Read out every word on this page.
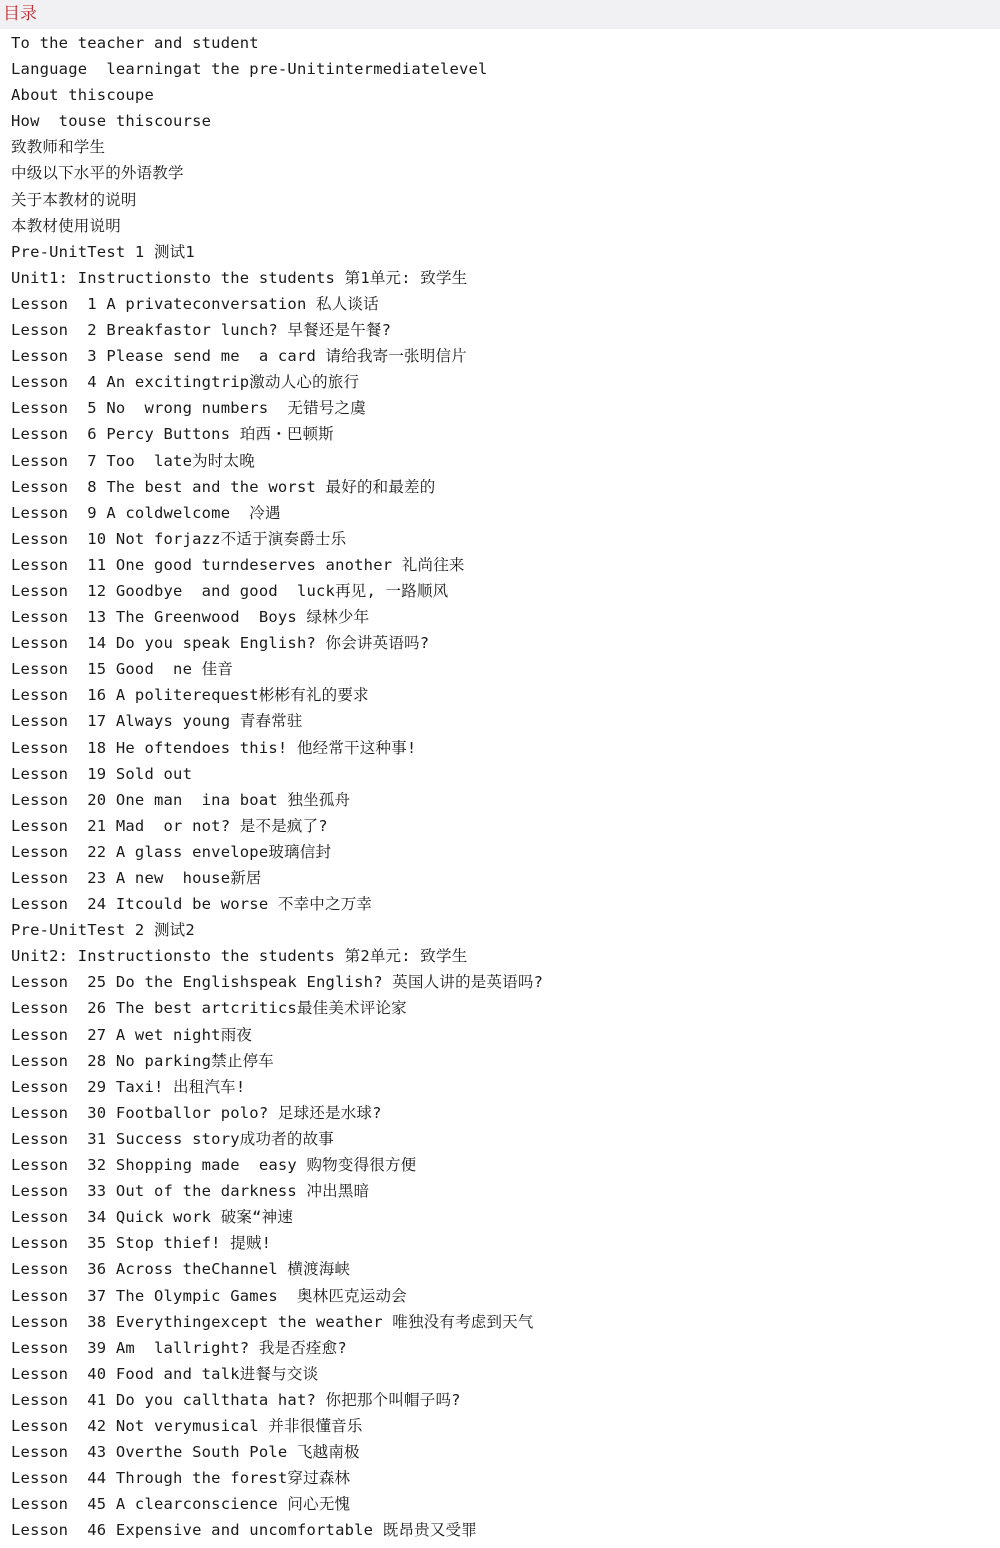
目录
To the teacher and student
Language  learningat the pre-Unitintermediatelevel
About thiscoupe
How  touse thiscourse
致教师和学生
中级以下水平的外语教学
关于本教材的说明
本教材使用说明
Pre-UnitTest 1 测试1
Unit1: Instructionsto the students 第1单元: 致学生
Lesson  1 A privateconversation 私人谈话
Lesson  2 Breakfastor lunch? 早餐还是午餐?
Lesson  3 Please send me  a card 请给我寄一张明信片
Lesson  4 An excitingtrip激动人心的旅行
Lesson  5 No  wrong numbers  无错号之虞
Lesson  6 Percy Buttons 珀西・巴顿斯
Lesson  7 Too  late为时太晚
Lesson  8 The best and the worst 最好的和最差的
Lesson  9 A coldwelcome  冷遇
Lesson  10 Not forjazz不适于演奏爵士乐
Lesson  11 One good turndeserves another 礼尚往来
Lesson  12 Goodbye  and good  luck再见, 一路顺风
Lesson  13 The Greenwood  Boys 绿林少年
Lesson  14 Do you speak English? 你会讲英语吗?
Lesson  15 Good  ne 佳音
Lesson  16 A politerequest彬彬有礼的要求
Lesson  17 Always young 青春常驻
Lesson  18 He oftendoes this! 他经常干这种事!
Lesson  19 Sold out
Lesson  20 One man  ina boat 独坐孤舟
Lesson  21 Mad  or not? 是不是疯了?
Lesson  22 A glass envelope玻璃信封
Lesson  23 A new  house新居
Lesson  24 Itcould be worse 不幸中之万幸
Pre-UnitTest 2 测试2
Unit2: Instructionsto the students 第2单元: 致学生
Lesson  25 Do the Englishspeak English? 英国人讲的是英语吗?
Lesson  26 The best artcritics最佳美术评论家
Lesson  27 A wet night雨夜
Lesson  28 No parking禁止停车
Lesson  29 Taxi! 出租汽车!
Lesson  30 Footballor polo? 足球还是水球?
Lesson  31 Success story成功者的故事
Lesson  32 Shopping made  easy 购物变得很方便
Lesson  33 Out of the darkness 冲出黑暗
Lesson  34 Quick work 破案“神速
Lesson  35 Stop thief! 提贼!
Lesson  36 Across theChannel 横渡海峡
Lesson  37 The Olympic Games  奥林匹克运动会
Lesson  38 Everythingexcept the weather 唯独没有考虑到天气
Lesson  39 Am  lallright? 我是否痊愈?
Lesson  40 Food and talk进餐与交谈
Lesson  41 Do you callthata hat? 你把那个叫帽子吗?
Lesson  42 Not verymusical 并非很懂音乐
Lesson  43 Overthe South Pole 飞越南极
Lesson  44 Through the forest穿过森林
Lesson  45 A clearconscience 问心无愧
Lesson  46 Expensive and uncomfortable 既昂贵又受罪
